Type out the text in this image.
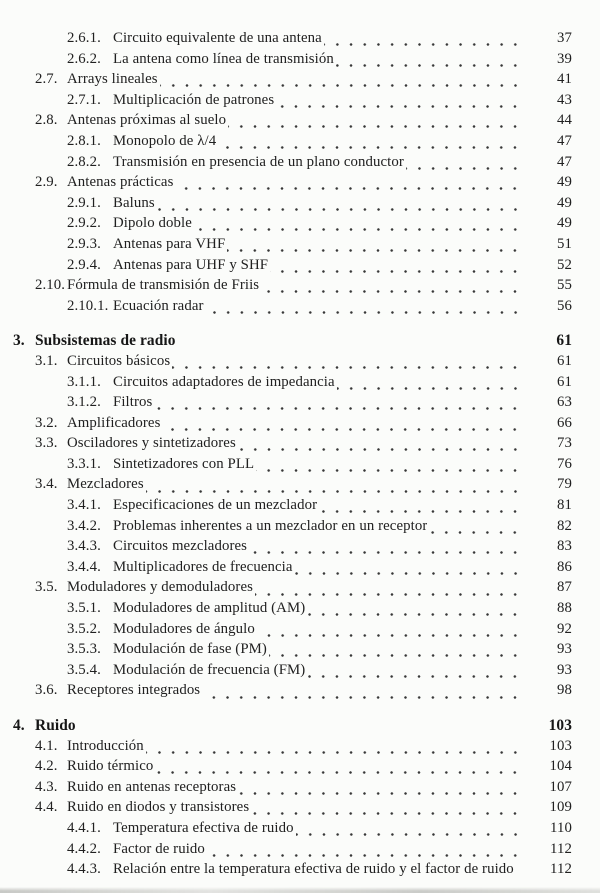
2.6.1. Circuito equivalente de una antena	37
2.6.2. La antena como línea de transmisión	39
2.7. Arrays lineales	41
2.7.1. Multiplicación de patrones	43
2.8. Antenas próximas al suelo	44
2.8.1. Monopolo de λ/4	47
2.8.2. Transmisión en presencia de un plano conductor	47
2.9. Antenas prácticas	49
2.9.1. Baluns	49
2.9.2. Dipolo doble	49
2.9.3. Antenas para VHF	51
2.9.4. Antenas para UHF y SHF	52
2.10. Fórmula de transmisión de Friis	55
2.10.1. Ecuación radar	56
3. Subsistemas de radio	61
3.1. Circuitos básicos	61
3.1.1. Circuitos adaptadores de impedancia	61
3.1.2. Filtros	63
3.2. Amplificadores	66
3.3. Osciladores y sintetizadores	73
3.3.1. Sintetizadores con PLL	76
3.4. Mezcladores	79
3.4.1. Especificaciones de un mezclador	81
3.4.2. Problemas inherentes a un mezclador en un receptor	82
3.4.3. Circuitos mezcladores	83
3.4.4. Multiplicadores de frecuencia	86
3.5. Moduladores y demoduladores	87
3.5.1. Moduladores de amplitud (AM)	88
3.5.2. Moduladores de ángulo	92
3.5.3. Modulación de fase (PM)	93
3.5.4. Modulación de frecuencia (FM)	93
3.6. Receptores integrados	98
4. Ruido	103
4.1. Introducción	103
4.2. Ruido térmico	104
4.3. Ruido en antenas receptoras	107
4.4. Ruido en diodos y transistores	109
4.4.1. Temperatura efectiva de ruido	110
4.4.2. Factor de ruido	112
4.4.3. Relación entre la temperatura efectiva de ruido y el factor de ruido	112
